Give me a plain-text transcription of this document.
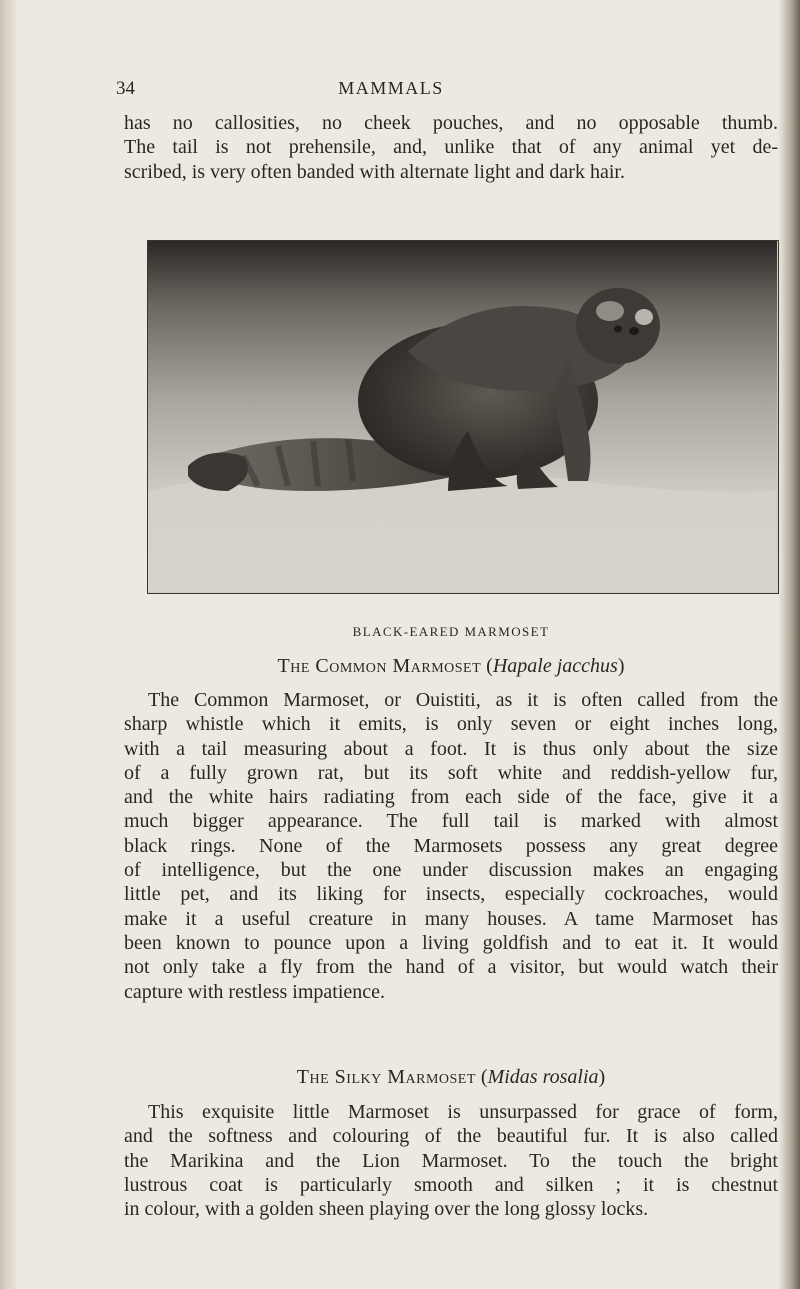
34	MAMMALS
has no callosities, no cheek pouches, and no opposable thumb.
The tail is not prehensile, and, unlike that of any animal yet de-
scribed, is very often banded with alternate light and dark hair.
BLACK-EARED MARMOSET
The Common Marmoset (Hapale jacchus)
The Common Marmoset, or Ouistiti, as it is often called from the
sharp whistle which it emits, is only seven or eight inches long,
with a tail measuring about a foot. It is thus only about the size
of a fully grown rat, but its soft white and reddish-yellow fur,
and the white hairs radiating from each side of the face, give it a
much bigger appearance. The full tail is marked with almost
black rings. None of the Marmosets possess any great degree
of intelligence, but the one under discussion makes an engaging
little pet, and its liking for insects, especially cockroaches, would
make it a useful creature in many houses. A tame Marmoset has
been known to pounce upon a living goldfish and to eat it. It would
not only take a fly from the hand of a visitor, but would watch their
capture with restless impatience.
The Silky Marmoset (Midas rosalia)
This exquisite little Marmoset is unsurpassed for grace of form,
and the softness and colouring of the beautiful fur. It is also called
the Marikina and the Lion Marmoset. To the touch the bright
lustrous coat is particularly smooth and silken ; it is chestnut
in colour, with a golden sheen playing over the long glossy locks.
